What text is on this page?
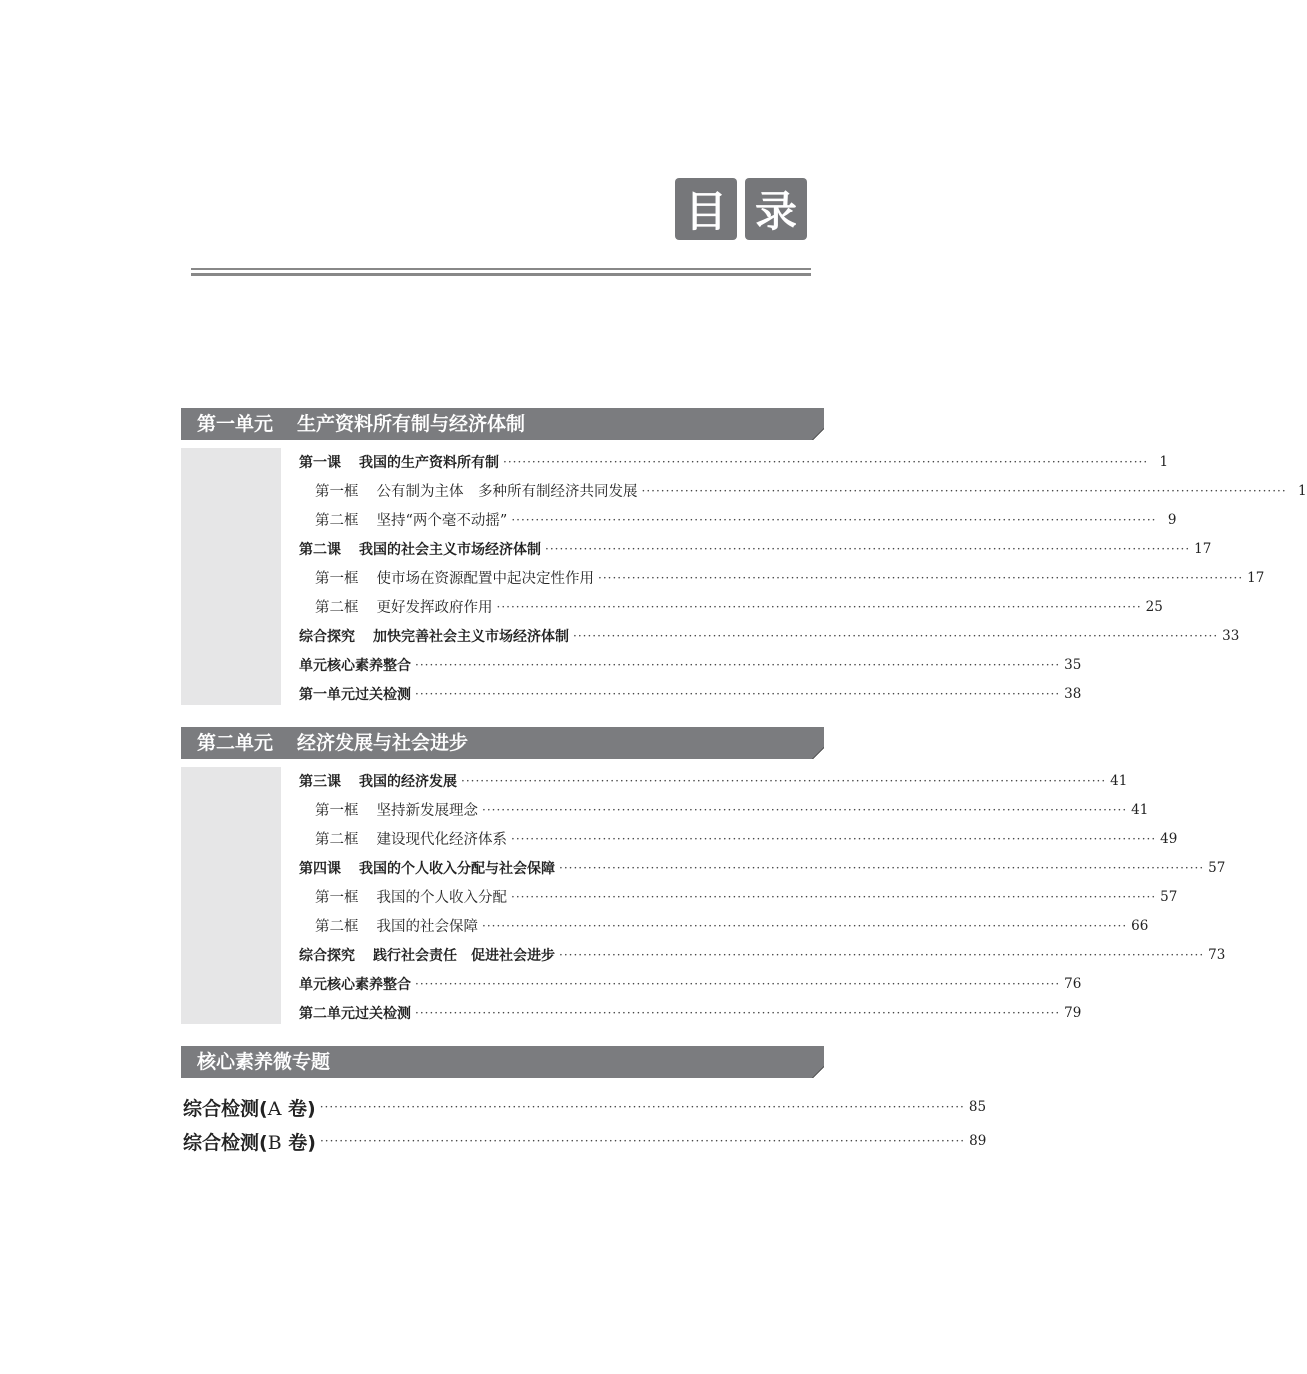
目 录
第一单元 生产资料所有制与经济体制
第一课 我国的生产资料所有制 ······································································································································ 1
第一框 公有制为主体　多种所有制经济共同发展 ······································································································································ 1
第二框 坚持“两个毫不动摇” ······································································································································ 9
第二课 我国的社会主义市场经济体制 ······································································································································ 17
第一框 使市场在资源配置中起决定性作用 ······································································································································ 17
第二框 更好发挥政府作用 ······································································································································ 25
综合探究 加快完善社会主义市场经济体制 ······································································································································ 33
单元核心素养整合 ······································································································································ 35
第一单元过关检测 ······································································································································ 38
第二单元 经济发展与社会进步
第三课 我国的经济发展 ······································································································································ 41
第一框 坚持新发展理念 ······································································································································ 41
第二框 建设现代化经济体系 ······································································································································ 49
第四课 我国的个人收入分配与社会保障 ······································································································································ 57
第一框 我国的个人收入分配 ······································································································································ 57
第二框 我国的社会保障 ······································································································································ 66
综合探究 践行社会责任　促进社会进步 ······································································································································ 73
单元核心素养整合 ······································································································································ 76
第二单元过关检测 ······································································································································ 79
核心素养微专题
综合检测(A 卷) ······································································································································ 85
综合检测(B 卷) ······································································································································ 89
